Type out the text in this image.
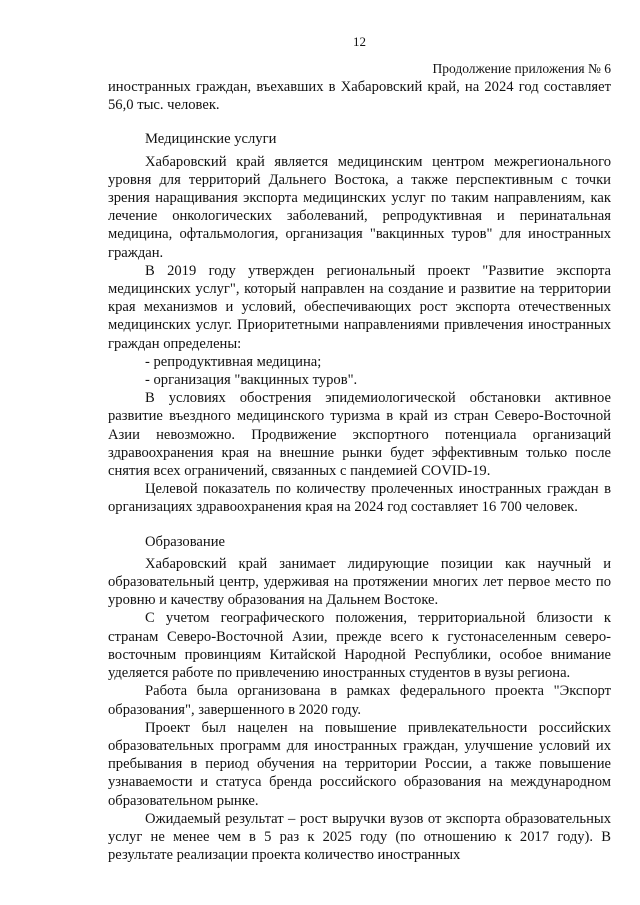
12
Продолжение приложения № 6

иностранных граждан, въехавших в Хабаровский край, на 2024 год составляет 56,0 тыс. человек.

Медицинские услуги

Хабаровский край является медицинским центром межрегионального уровня для территорий Дальнего Востока, а также перспективным с точки зрения наращивания экспорта медицинских услуг по таким направлениям, как лечение онкологических заболеваний, репродуктивная и перинатальная медицина, офтальмология, организация "вакцинных туров" для иностранных граждан.

В 2019 году утвержден региональный проект "Развитие экспорта медицинских услуг", который направлен на создание и развитие на территории края механизмов и условий, обеспечивающих рост экспорта отечественных медицинских услуг. Приоритетными направлениями привлечения иностранных граждан определены:

- репродуктивная медицина;

- организация "вакцинных туров".

В условиях обострения эпидемиологической обстановки активное развитие въездного медицинского туризма в край из стран Северо-Восточной Азии невозможно. Продвижение экспортного потенциала организаций здравоохранения края на внешние рынки будет эффективным только после снятия всех ограничений, связанных с пандемией COVID-19.

Целевой показатель по количеству пролеченных иностранных граждан в организациях здравоохранения края на 2024 год составляет 16 700 человек.

Образование

Хабаровский край занимает лидирующие позиции как научный и образовательный центр, удерживая на протяжении многих лет первое место по уровню и качеству образования на Дальнем Востоке.

С учетом географического положения, территориальной близости к странам Северо-Восточной Азии, прежде всего к густонаселенным северо-восточным провинциям Китайской Народной Республики, особое внимание уделяется работе по привлечению иностранных студентов в вузы региона.

Работа была организована в рамках федерального проекта "Экспорт образования", завершенного в 2020 году.

Проект был нацелен на повышение привлекательности российских образовательных программ для иностранных граждан, улучшение условий их пребывания в период обучения на территории России, а также повышение узнаваемости и статуса бренда российского образования на международном образовательном рынке.

Ожидаемый результат – рост выручки вузов от экспорта образовательных услуг не менее чем в 5 раз к 2025 году (по отношению к 2017 году). В результате реализации проекта количество иностранных
